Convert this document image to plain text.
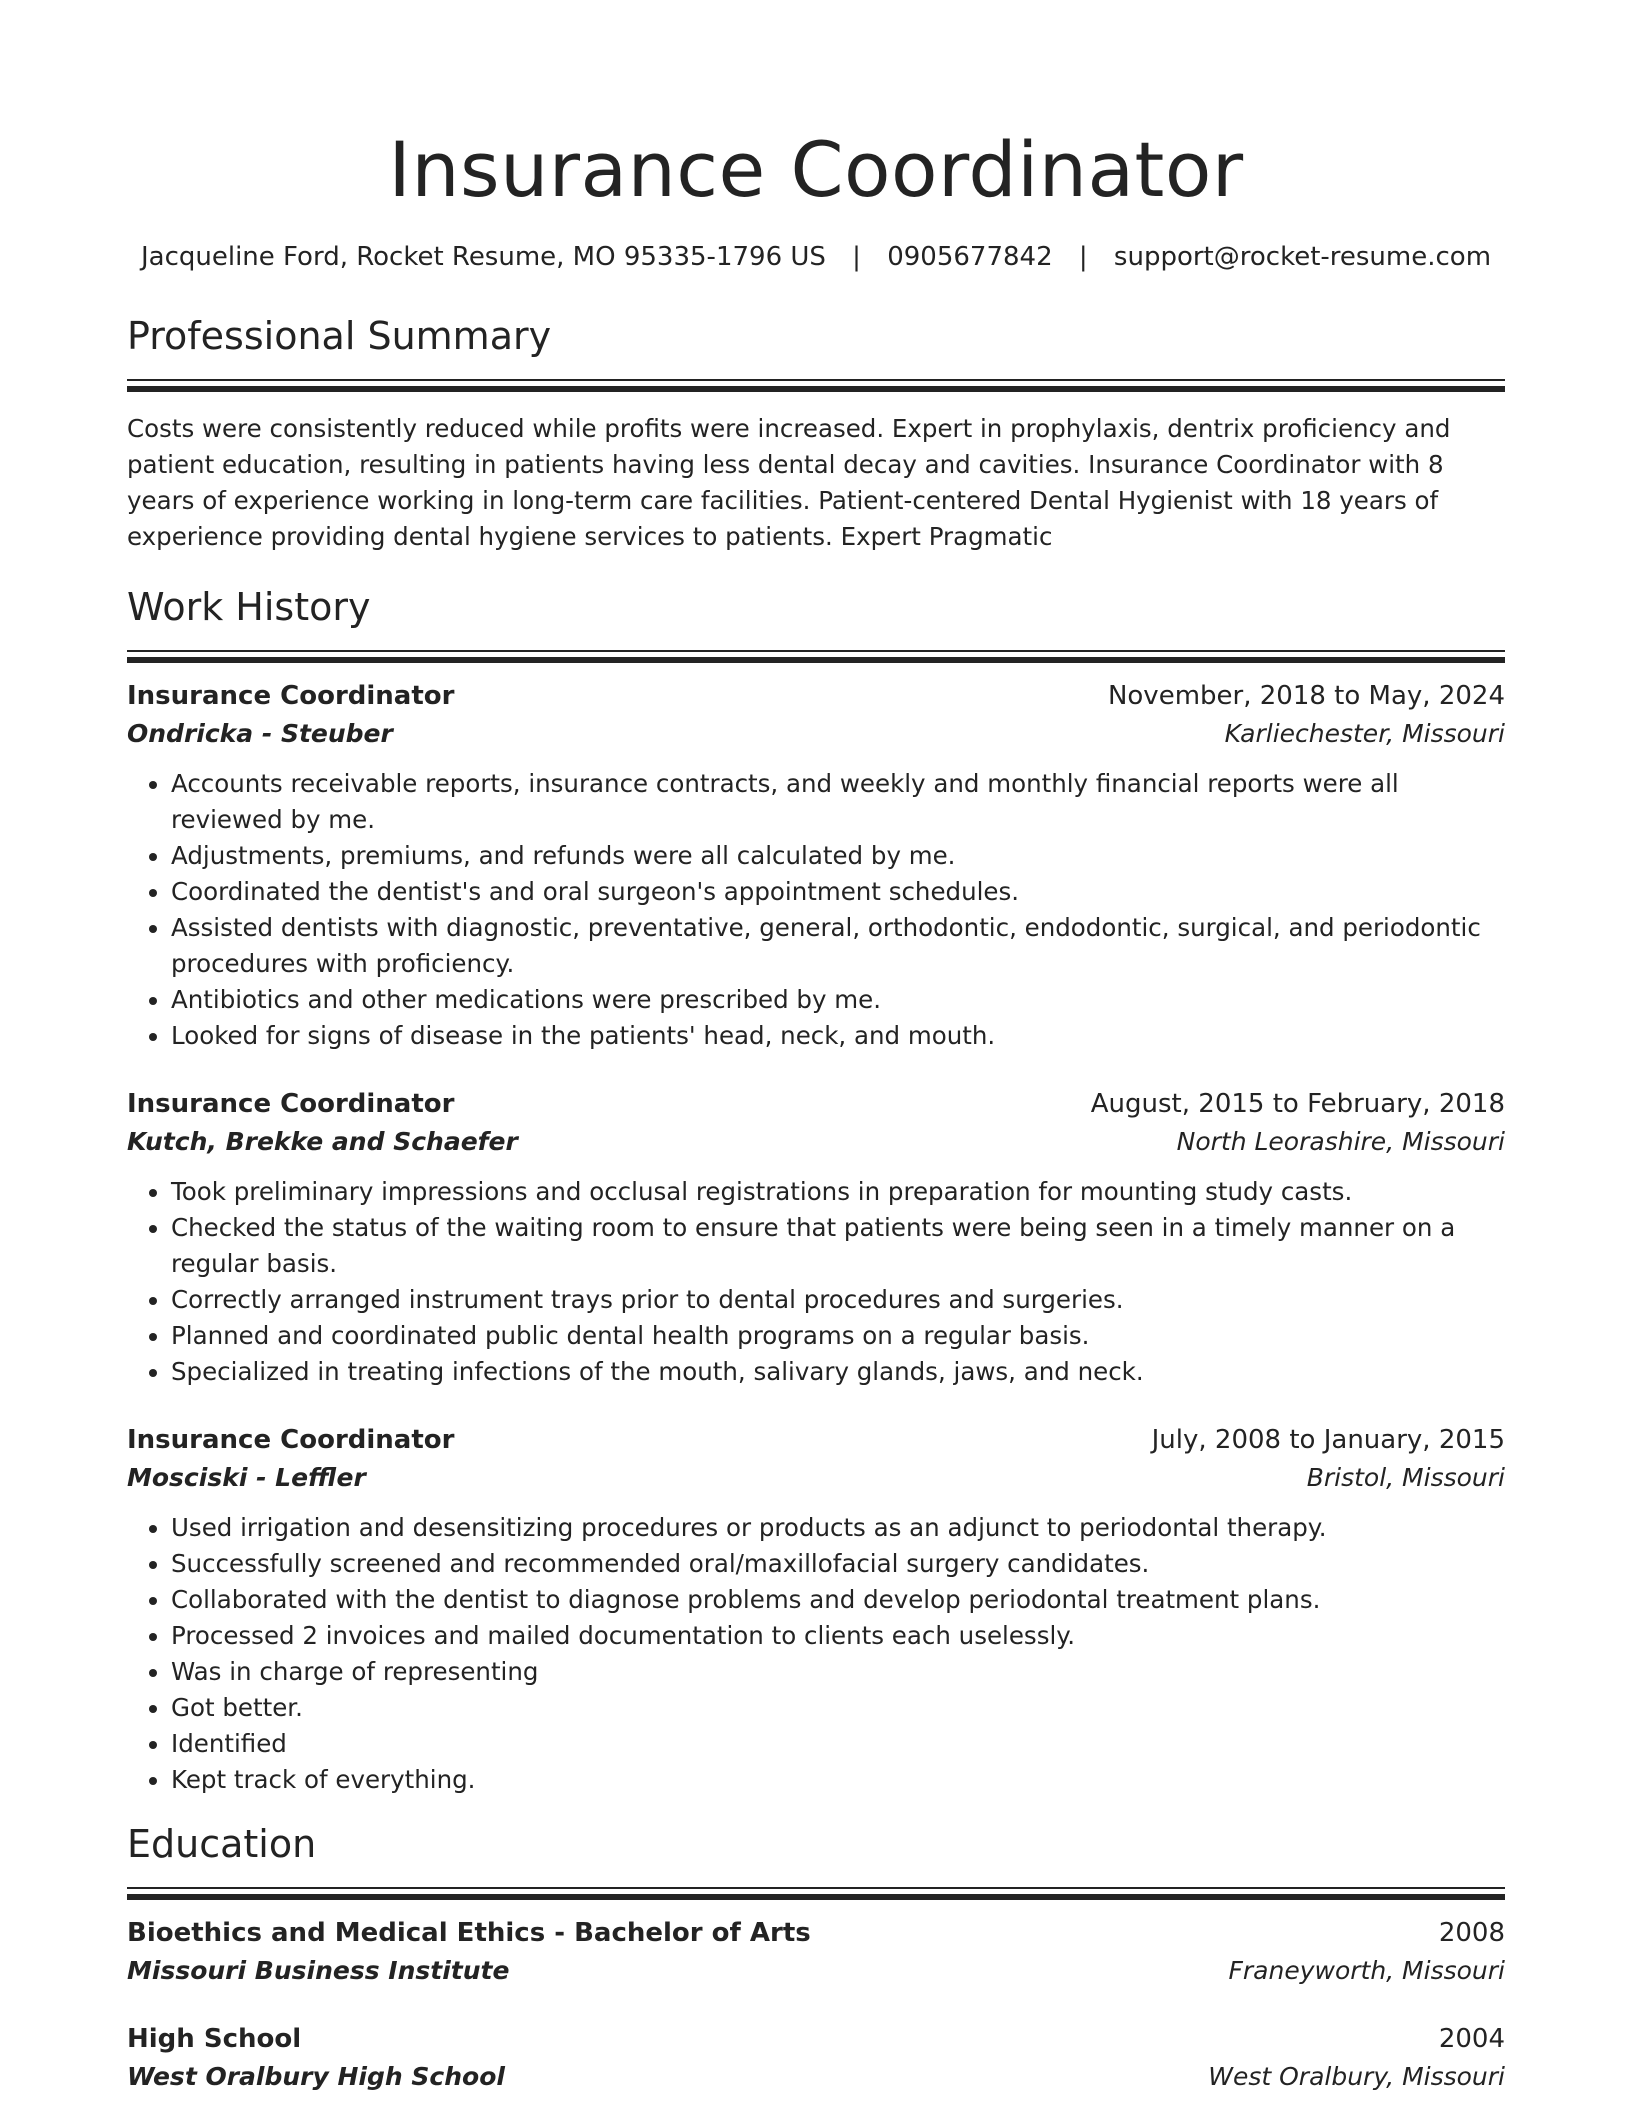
Insurance Coordinator
Jacqueline Ford, Rocket Resume, MO 95335-1796 US | 0905677842 | support@rocket-resume.com
Professional Summary
Costs were consistently reduced while profits were increased. Expert in prophylaxis, dentrix proficiency and patient education, resulting in patients having less dental decay and cavities. Insurance Coordinator with 8 years of experience working in long-term care facilities. Patient-centered Dental Hygienist with 18 years of experience providing dental hygiene services to patients. Expert Pragmatic
Work History
Insurance Coordinator	November, 2018 to May, 2024
Ondricka - Steuber	Karliechester, Missouri
• Accounts receivable reports, insurance contracts, and weekly and monthly financial reports were all reviewed by me.
• Adjustments, premiums, and refunds were all calculated by me.
• Coordinated the dentist's and oral surgeon's appointment schedules.
• Assisted dentists with diagnostic, preventative, general, orthodontic, endodontic, surgical, and periodontic procedures with proficiency.
• Antibiotics and other medications were prescribed by me.
• Looked for signs of disease in the patients' head, neck, and mouth.
Insurance Coordinator	August, 2015 to February, 2018
Kutch, Brekke and Schaefer	North Leorashire, Missouri
• Took preliminary impressions and occlusal registrations in preparation for mounting study casts.
• Checked the status of the waiting room to ensure that patients were being seen in a timely manner on a regular basis.
• Correctly arranged instrument trays prior to dental procedures and surgeries.
• Planned and coordinated public dental health programs on a regular basis.
• Specialized in treating infections of the mouth, salivary glands, jaws, and neck.
Insurance Coordinator	July, 2008 to January, 2015
Mosciski - Leffler	Bristol, Missouri
• Used irrigation and desensitizing procedures or products as an adjunct to periodontal therapy.
• Successfully screened and recommended oral/maxillofacial surgery candidates.
• Collaborated with the dentist to diagnose problems and develop periodontal treatment plans.
• Processed 2 invoices and mailed documentation to clients each uselessly.
• Was in charge of representing
• Got better.
• Identified
• Kept track of everything.
Education
Bioethics and Medical Ethics - Bachelor of Arts	2008
Missouri Business Institute	Franeyworth, Missouri
High School	2004
West Oralbury High School	West Oralbury, Missouri
